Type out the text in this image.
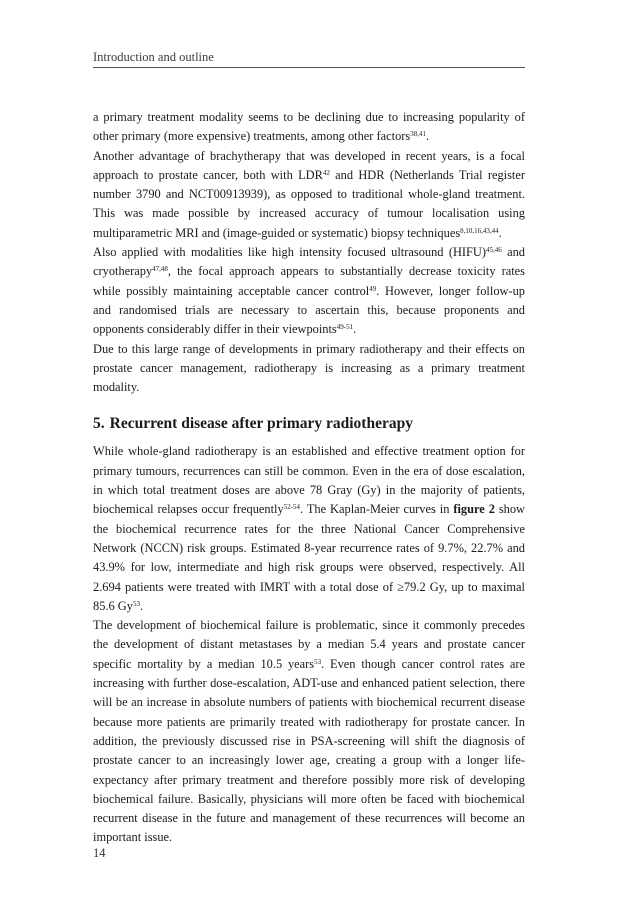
Introduction and outline

a primary treatment modality seems to be declining due to increasing popularity of other primary (more expensive) treatments, among other factors$^{38,41}$.

Another advantage of brachytherapy that was developed in recent years, is a focal approach to prostate cancer, both with LDR$^{42}$ and HDR (Netherlands Trial register number 3790 and NCT00913939), as opposed to traditional whole-gland treatment. This was made possible by increased accuracy of tumour localisation using multiparametric MRI and (image-guided or systematic) biopsy techniques$^{8,10,16,43,44}$.

Also applied with modalities like high intensity focused ultrasound (HIFU)$^{45,46}$ and cryotherapy$^{47,48}$, the focal approach appears to substantially decrease toxicity rates while possibly maintaining acceptable cancer control$^{49}$. However, longer follow-up and randomised trials are necessary to ascertain this, because proponents and opponents considerably differ in their viewpoints$^{49-51}$.

Due to this large range of developments in primary radiotherapy and their effects on prostate cancer management, radiotherapy is increasing as a primary treatment modality.

5. Recurrent disease after primary radiotherapy

While whole-gland radiotherapy is an established and effective treatment option for primary tumours, recurrences can still be common. Even in the era of dose escalation, in which total treatment doses are above 78 Gray (Gy) in the majority of patients, biochemical relapses occur frequently$^{52-54}$. The Kaplan-Meier curves in figure 2 show the biochemical recurrence rates for the three National Cancer Comprehensive Network (NCCN) risk groups. Estimated 8-year recurrence rates of 9.7%, 22.7% and 43.9% for low, intermediate and high risk groups were observed, respectively. All 2.694 patients were treated with IMRT with a total dose of ≥79.2 Gy, up to maximal 85.6 Gy$^{53}$.

The development of biochemical failure is problematic, since it commonly precedes the development of distant metastases by a median 5.4 years and prostate cancer specific mortality by a median 10.5 years$^{53}$. Even though cancer control rates are increasing with further dose-escalation, ADT-use and enhanced patient selection, there will be an increase in absolute numbers of patients with biochemical recurrent disease because more patients are primarily treated with radiotherapy for prostate cancer. In addition, the previously discussed rise in PSA-screening will shift the diagnosis of prostate cancer to an increasingly lower age, creating a group with a longer life-expectancy after primary treatment and therefore possibly more risk of developing biochemical failure. Basically, physicians will more often be faced with biochemical recurrent disease in the future and management of these recurrences will become an important issue.

14
